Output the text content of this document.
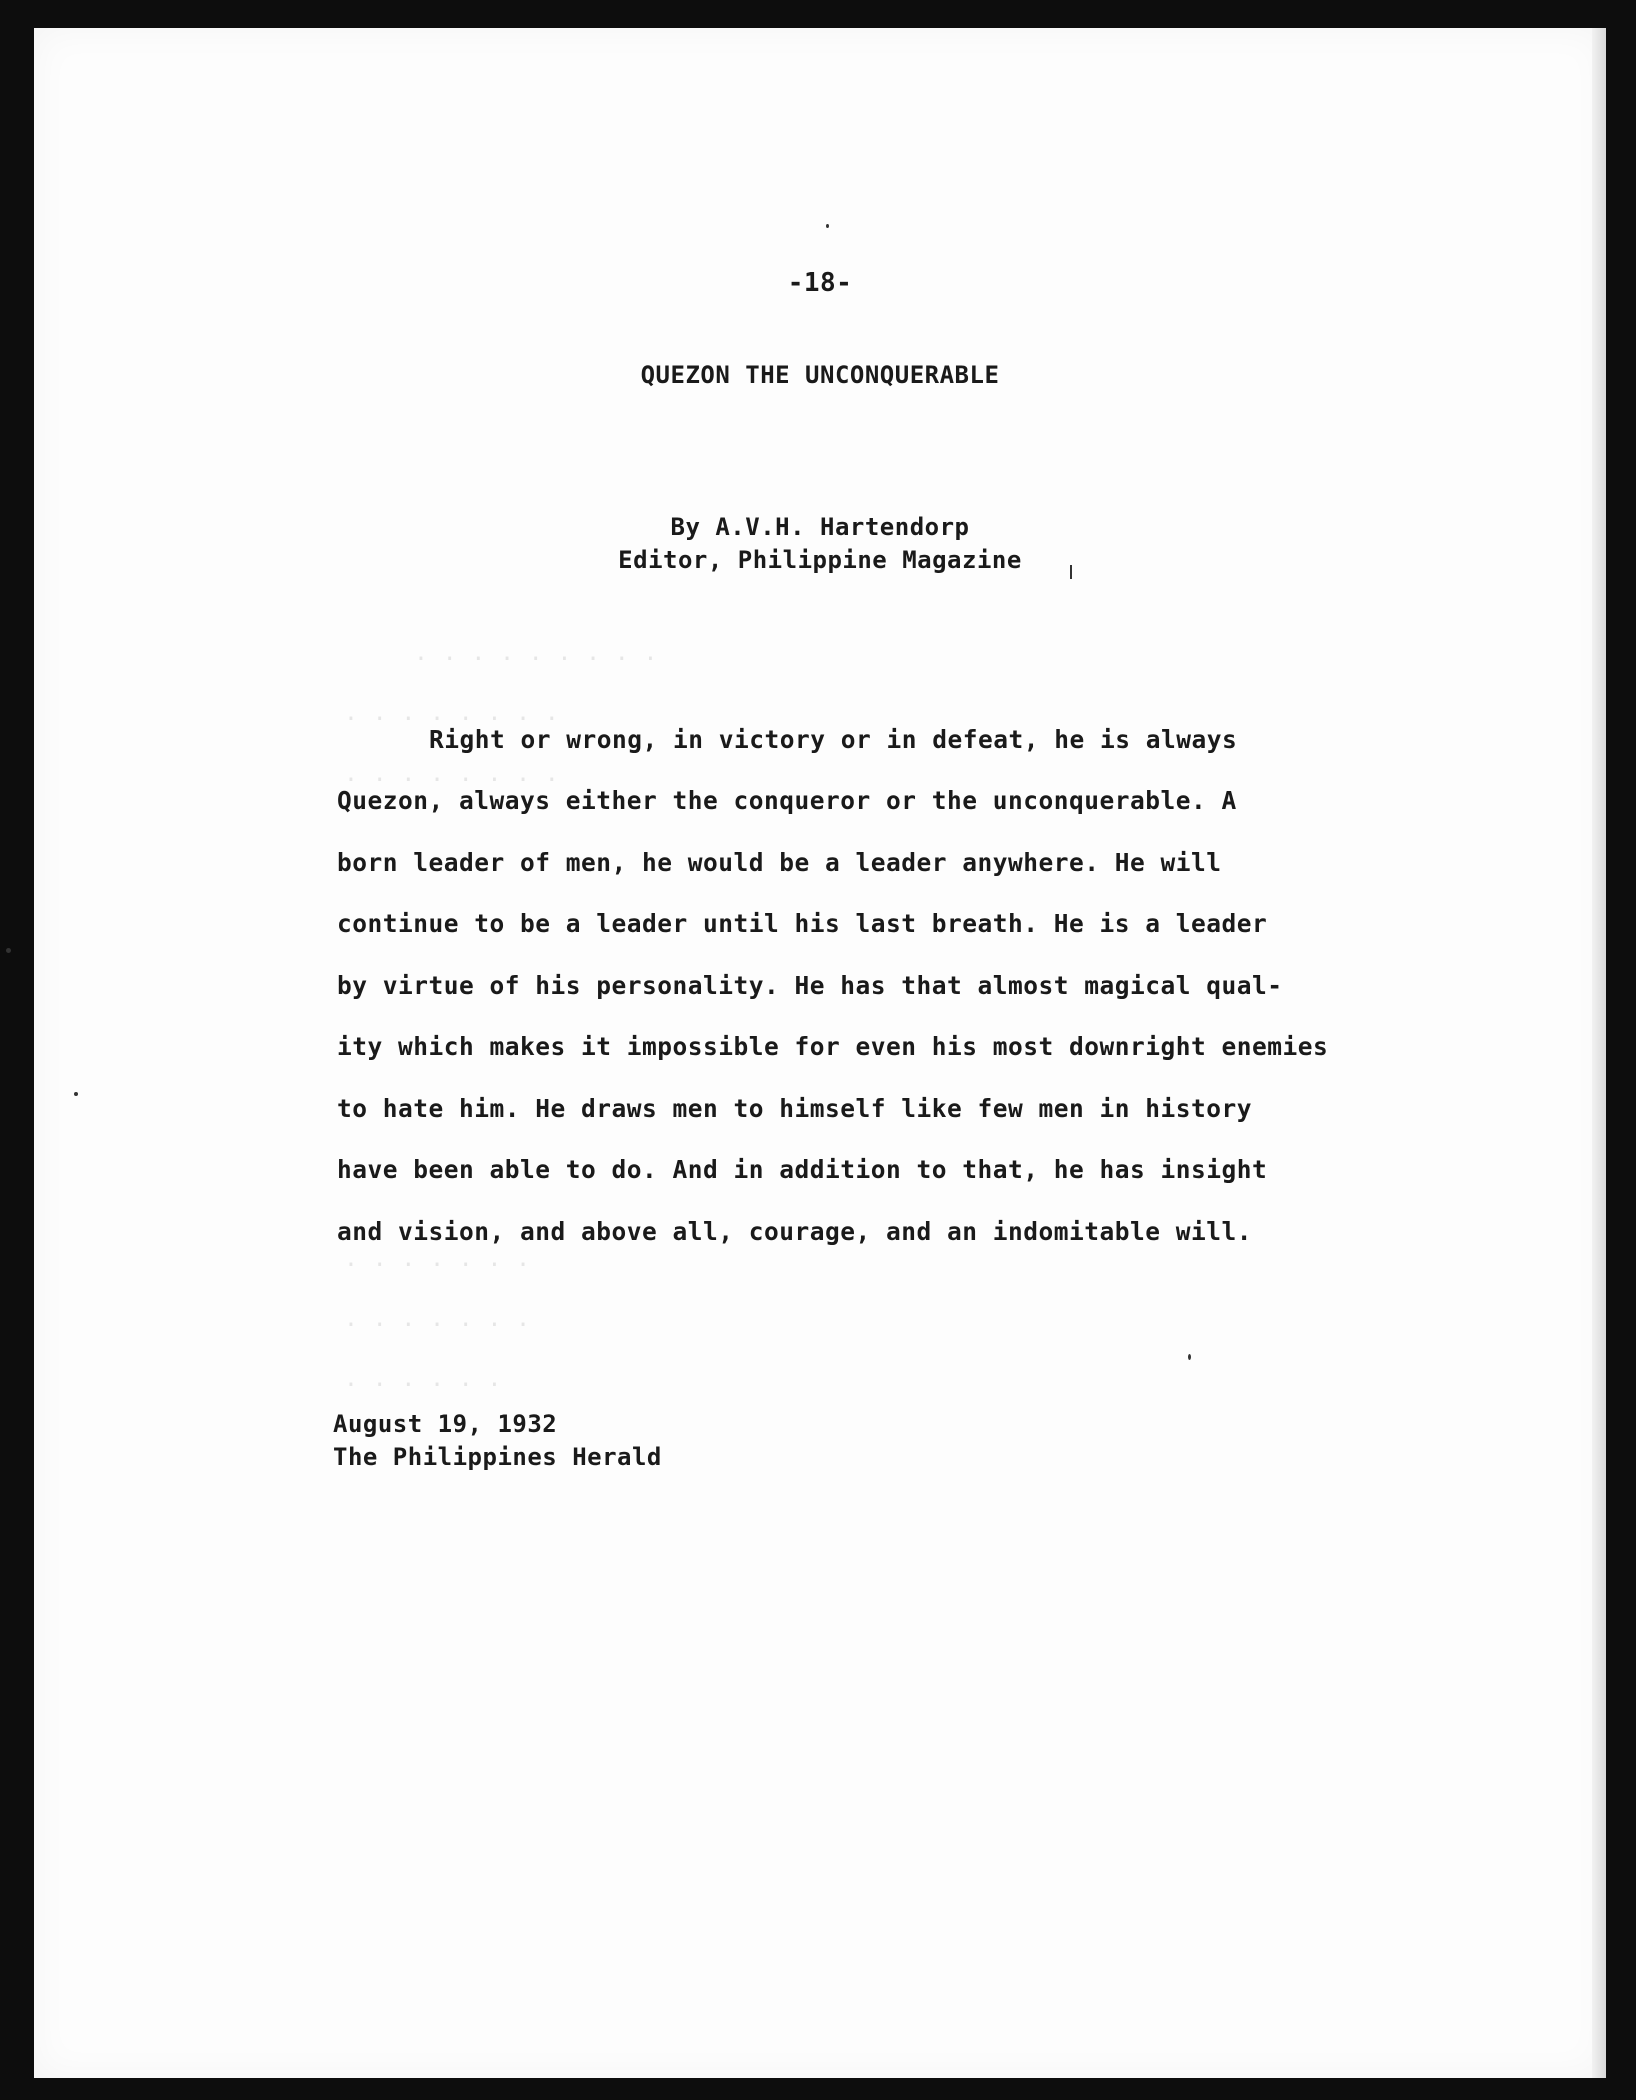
. . . . . . . . .
. . . . . . . .
. . . . . . . .
. . . . . . .
. . . . . . .
. . . . . .
-18-
QUEZON THE UNCONQUERABLE
By A.V.H. Hartendorp
Editor, Philippine Magazine
Right or wrong, in victory or in defeat, he is always
Quezon, always either the conqueror or the unconquerable. A
born leader of men, he would be a leader anywhere. He will
continue to be a leader until his last breath. He is a leader
by virtue of his personality. He has that almost magical qual-
ity which makes it impossible for even his most downright enemies
to hate him. He draws men to himself like few men in history
have been able to do. And in addition to that, he has insight
and vision, and above all, courage, and an indomitable will.
August 19, 1932
The Philippines Herald
